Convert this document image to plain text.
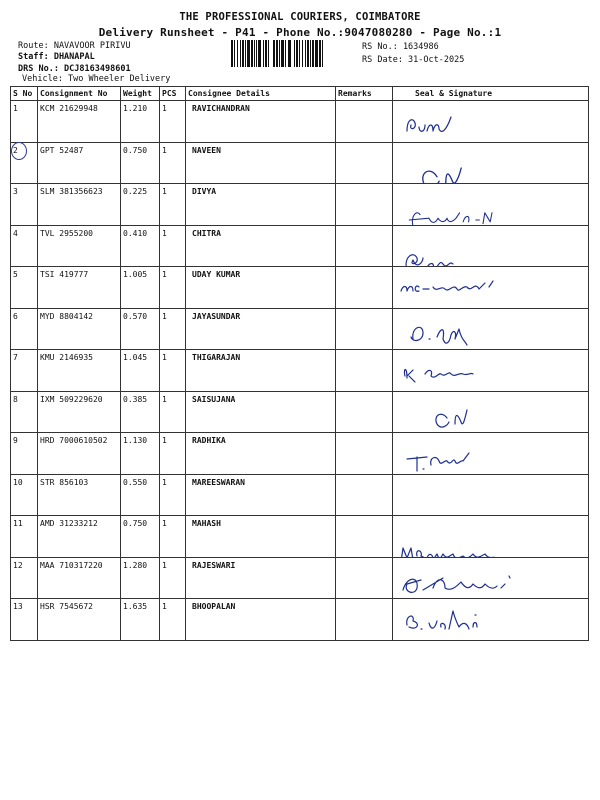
THE PROFESSIONAL COURIERS, COIMBATORE
Delivery Runsheet - P41 - Phone No.:9047080280 - Page No.:1
Route: NAVAVOOR PIRIVU
Staff: DHANAPAL
DRS No.: DCJ8163498601
Vehicle: Two Wheeler Delivery
RS No.: 1634986
RS Date: 31-Oct-2025
S No	Consignment No	Weight	PCS	Consignee Details	Remarks	Seal & Signature
1	KCM 21629948	1.210	1	RAVICHANDRAN		

2	GPT 52487	0.750	1	NAVEEN		

3	SLM 381356623	0.225	1	DIVYA		

4	TVL 2955200	0.410	1	CHITRA		

5	TSI 419777	1.005	1	UDAY KUMAR		

6	MYD 8804142	0.570	1	JAYASUNDAR		

7	KMU 2146935	1.045	1	THIGARAJAN		

8	IXM 509229620	0.385	1	SAISUJANA		

9	HRD 7000610502	1.130	1	RADHIKA		

10	STR 856103	0.550	1	MAREESWARAN		
11	AMD 31233212	0.750	1	MAHASH		

12	MAA 710317220	1.280	1	RAJESWARI		

13	HSR 7545672	1.635	1	BHOOPALAN		
